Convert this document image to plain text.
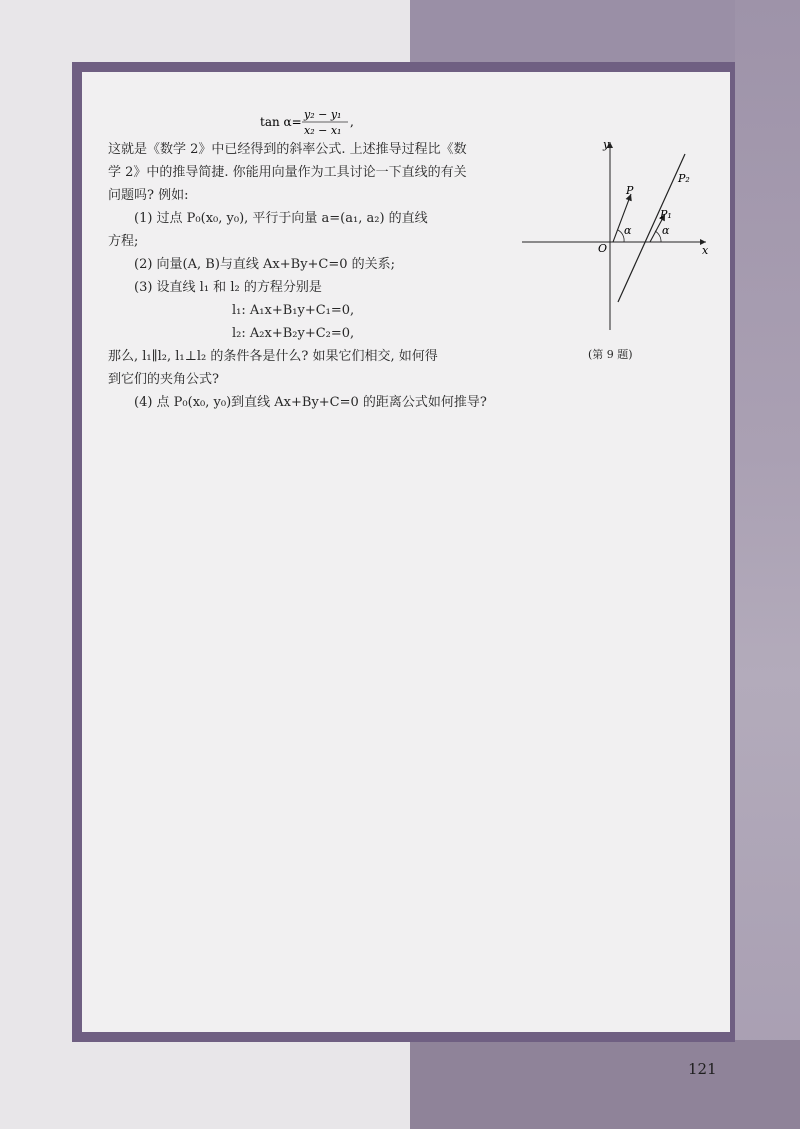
tan α=
y₂ − y₁
x₂ − x₁
,
这就是《数学 2》中已经得到的斜率公式. 上述推导过程比《数
学 2》中的推导简捷. 你能用向量作为工具讨论一下直线的有关
问题吗? 例如:
(1) 过点 P₀(x₀, y₀), 平行于向量 a=(a₁, a₂) 的直线
方程;
(2) 向量(A, B)与直线 Ax+By+C=0 的关系;
(3) 设直线 l₁ 和 l₂ 的方程分别是
l₁: A₁x+B₁y+C₁=0,
l₂: A₂x+B₂y+C₂=0,
那么, l₁∥l₂, l₁⊥l₂ 的条件各是什么? 如果它们相交, 如何得
到它们的夹角公式?
(4) 点 P₀(x₀, y₀)到直线 Ax+By+C=0 的距离公式如何推导?
y
x
O
P
P₁
P₂
α	α
(第 9 题)
121
